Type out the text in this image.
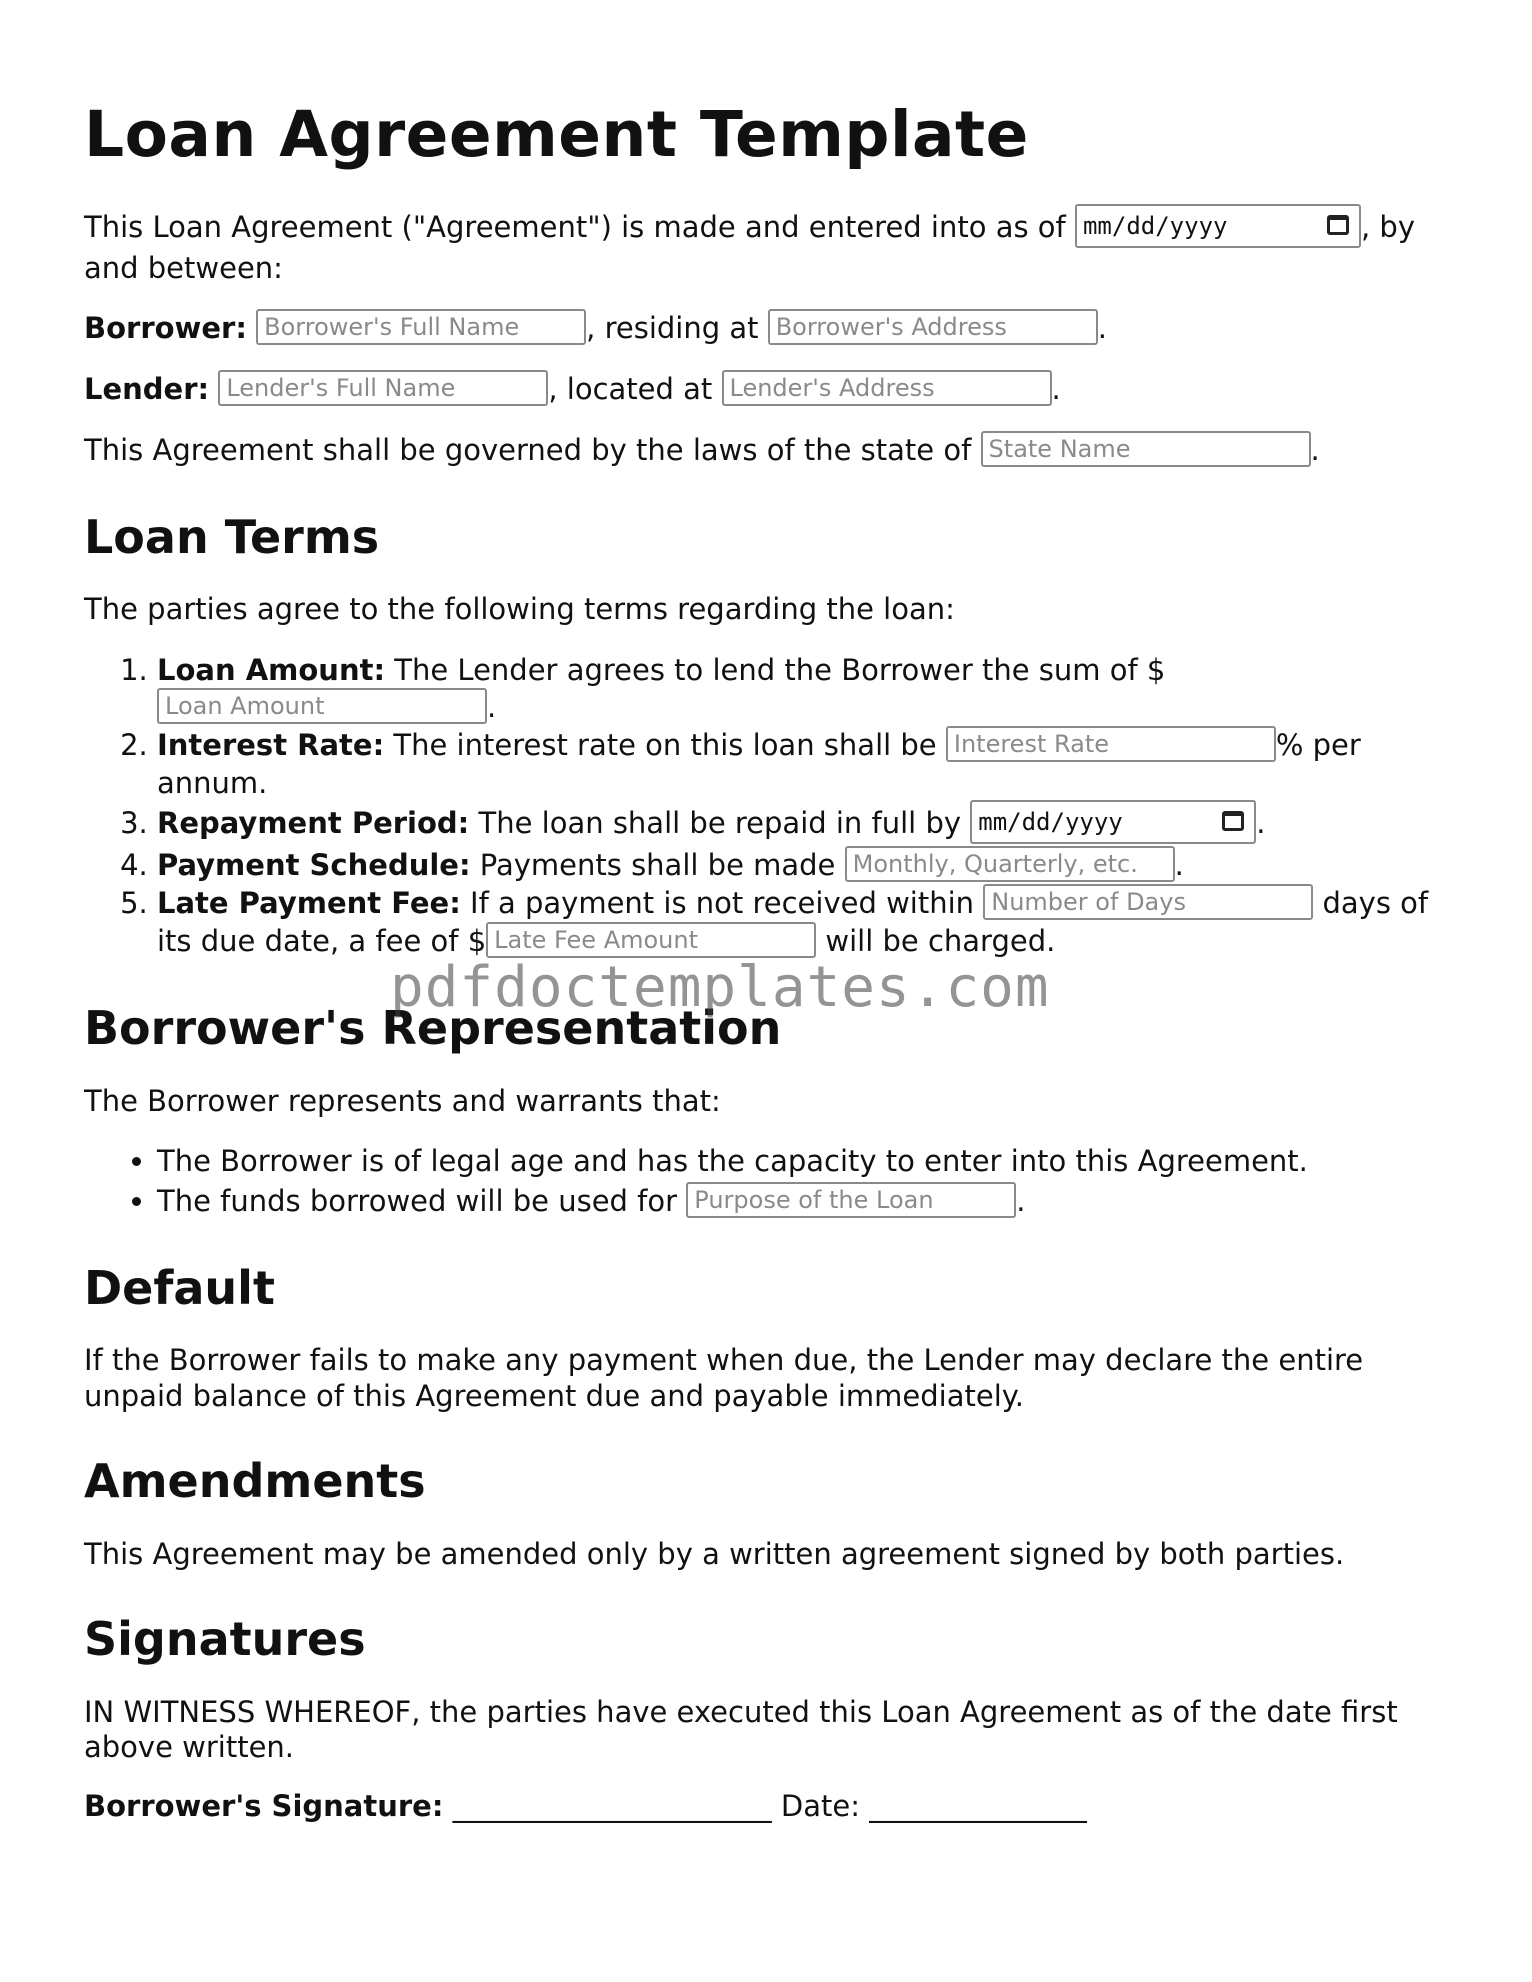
Loan Agreement Template

This Loan Agreement ("Agreement") is made and entered into as of mm/dd/yyyy	, by and between:

Borrower: Borrower's Full Name , residing at Borrower's Address	.

Lender: Lender's Full Name	, located at Lender's Address	.

This Agreement shall be governed by the laws of the state of State Name	.

Loan Terms

The parties agree to the following terms regarding the loan:

1. Loan Amount: The Lender agrees to lend the Borrower the sum of $
Loan Amount	.
2. Interest Rate: The interest rate on this loan shall be Interest Rate	% per annum.
3. Repayment Period: The loan shall be repaid in full by mm/dd/yyyy	.
4. Payment Schedule: Payments shall be made Monthly, Quarterly, etc. .
5. Late Payment Fee: If a payment is not received within Number of Days	days of its due date, a fee of $ Late Fee Amount	will be charged.
Borrower's Representation

The Borrower represents and warrants that:

• The Borrower is of legal age and has the capacity to enter into this Agreement.
• The funds borrowed will be used for Purpose of the Loan	.
Default

If the Borrower fails to make any payment when due, the Lender may declare the entire unpaid balance of this Agreement due and payable immediately.

Amendments

This Agreement may be amended only by a written agreement signed by both parties.

Signatures

IN WITNESS WHEREOF, the parties have executed this Loan Agreement as of the date first above written.

Borrower's Signature: ______________________ Date: _______________

pdfdoctemplates.com
